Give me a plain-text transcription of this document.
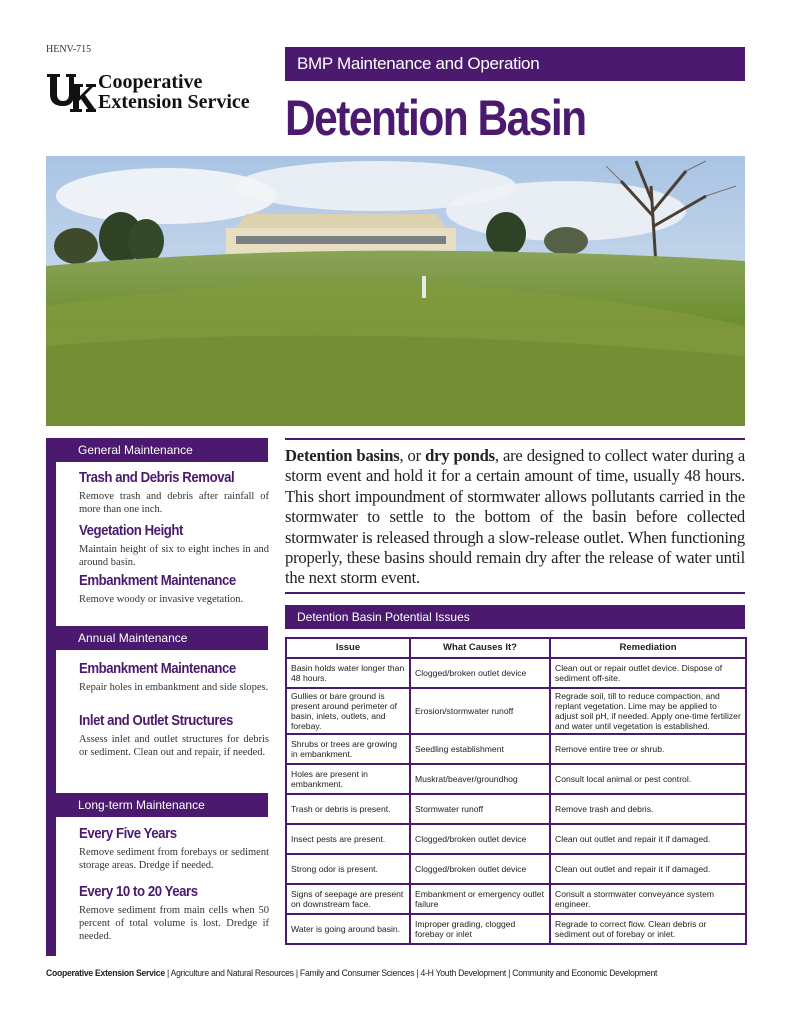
HENV-715
Cooperative
Extension Service
BMP Maintenance and Operation
Detention Basin
General Maintenance
Trash and Debris Removal
Remove trash and debris after rainfall of more than one inch.
Vegetation Height
Maintain height of six to eight inches in and around basin.
Embankment Maintenance
Remove woody or invasive vegetation.
Annual Maintenance
Embankment Maintenance
Repair holes in embankment and side slopes.
Inlet and Outlet Structures
Assess inlet and outlet structures for debris or sediment. Clean out and repair, if needed.
Long-term Maintenance
Every Five Years
Remove sediment from forebays or sediment storage areas. Dredge if needed.
Every 10 to 20 Years
Remove sediment from main cells when 50 percent of total volume is lost. Dredge if needed.

Detention basins, or dry ponds, are designed to collect water during a storm event and hold it for a certain amount of time, usually 48 hours. This short impoundment of stormwater allows pollutants carried in the stormwater to settle to the bottom of the basin before collected stormwater is released through a slow-release outlet. When functioning properly, these basins should remain dry after the release of water until the next storm event.

Detention Basin Potential Issues
Issue	What Causes It?	Remediation
Basin holds water longer than 48 hours.	Clogged/broken outlet device	Clean out or repair outlet device. Dispose of sediment off-site.
Gullies or bare ground is present around perimeter of basin, inlets, outlets, and forebay.	Erosion/stormwater runoff	Regrade soil, till to reduce compaction, and replant vegetation. Lime may be applied to adjust soil pH, if needed. Apply one-time fertilizer and water until vegetation is established.
Shrubs or trees are growing in embankment.	Seedling establishment	Remove entire tree or shrub.
Holes are present in embankment.	Muskrat/beaver/groundhog	Consult local animal or pest control.
Trash or debris is present.	Stormwater runoff	Remove trash and debris.
Insect pests are present.	Clogged/broken outlet device	Clean out outlet and repair it if damaged.
Strong odor is present.	Clogged/broken outlet device	Clean out outlet and repair it if damaged.
Signs of seepage are present on downstream face.	Embankment or emergency outlet failure	Consult a stormwater conveyance system engineer.
Water is going around basin.	Improper grading, clogged forebay or inlet	Regrade to correct flow. Clean debris or sediment out of forebay or inlet.
Cooperative Extension Service | Agriculture and Natural Resources | Family and Consumer Sciences | 4-H Youth Development | Community and Economic Development
